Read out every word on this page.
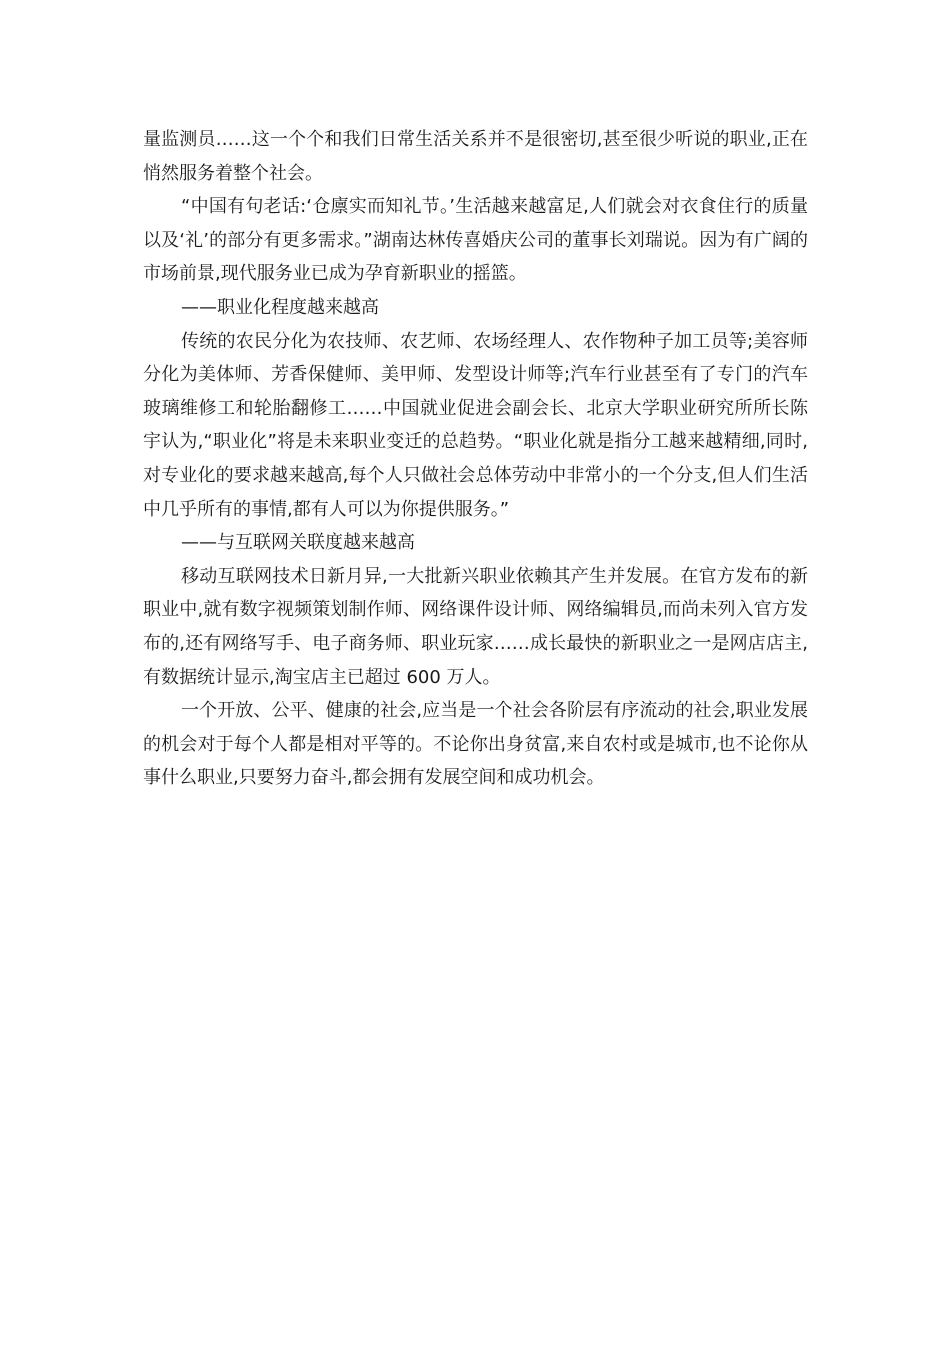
量监测员……这一个个和我们日常生活关系并不是很密切,甚至很少听说的职业,正在悄然服务着整个社会。

“中国有句老话:‘仓廪实而知礼节。’生活越来越富足,人们就会对衣食住行的质量以及‘礼’的部分有更多需求。”湖南达林传喜婚庆公司的董事长刘瑞说。因为有广阔的市场前景,现代服务业已成为孕育新职业的摇篮。

——职业化程度越来越高

传统的农民分化为农技师、农艺师、农场经理人、农作物种子加工员等;美容师分化为美体师、芳香保健师、美甲师、发型设计师等;汽车行业甚至有了专门的汽车玻璃维修工和轮胎翻修工……中国就业促进会副会长、北京大学职业研究所所长陈宇认为,“职业化”将是未来职业变迁的总趋势。“职业化就是指分工越来越精细,同时,对专业化的要求越来越高,每个人只做社会总体劳动中非常小的一个分支,但人们生活中几乎所有的事情,都有人可以为你提供服务。”

——与互联网关联度越来越高

移动互联网技术日新月异,一大批新兴职业依赖其产生并发展。在官方发布的新职业中,就有数字视频策划制作师、网络课件设计师、网络编辑员,而尚未列入官方发布的,还有网络写手、电子商务师、职业玩家……成长最快的新职业之一是网店店主,有数据统计显示,淘宝店主已超过 600 万人。

一个开放、公平、健康的社会,应当是一个社会各阶层有序流动的社会,职业发展的机会对于每个人都是相对平等的。不论你出身贫富,来自农村或是城市,也不论你从事什么职业,只要努力奋斗,都会拥有发展空间和成功机会。
